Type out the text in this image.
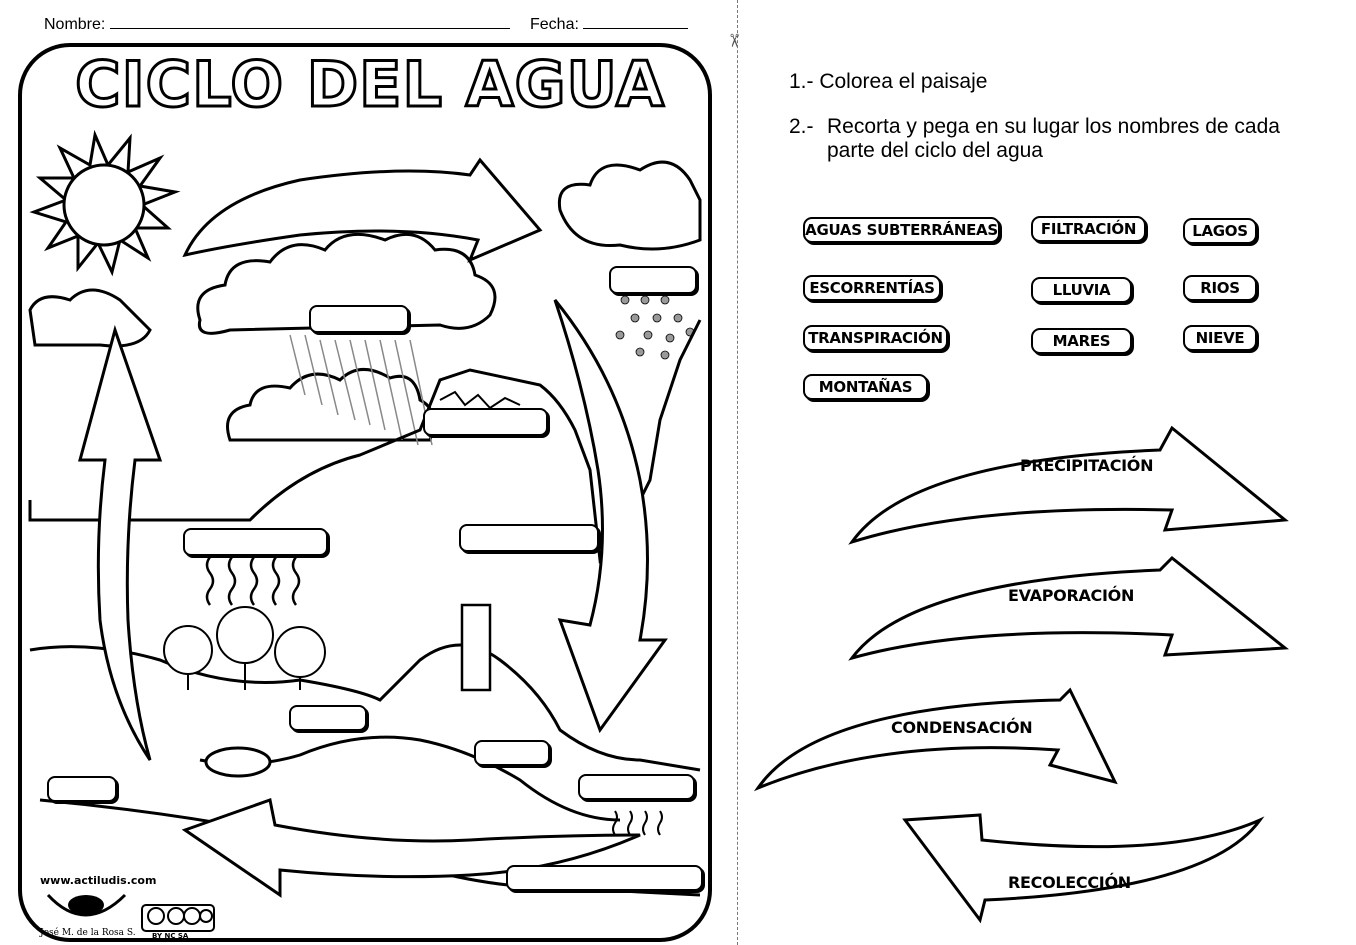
Nombre:	Fecha:
✂
CICLO DEL AGUA
www.actiludis.com
José M. de la Rosa S. BY NC SA
1.- Colorea el paisaje
2.- Recorta y pega en su lugar los nombres de cada
parte del ciclo del agua
AGUAS SUBTERRÁNEAS	FILTRACIÓN	LAGOS
ESCORRENTÍAS	LLUVIA	RIOS
TRANSPIRACIÓN	MARES	NIEVE
MONTAÑAS
PRECIPITACIÓN
EVAPORACIÓN
CONDENSACIÓN
RECOLECCIÓN
